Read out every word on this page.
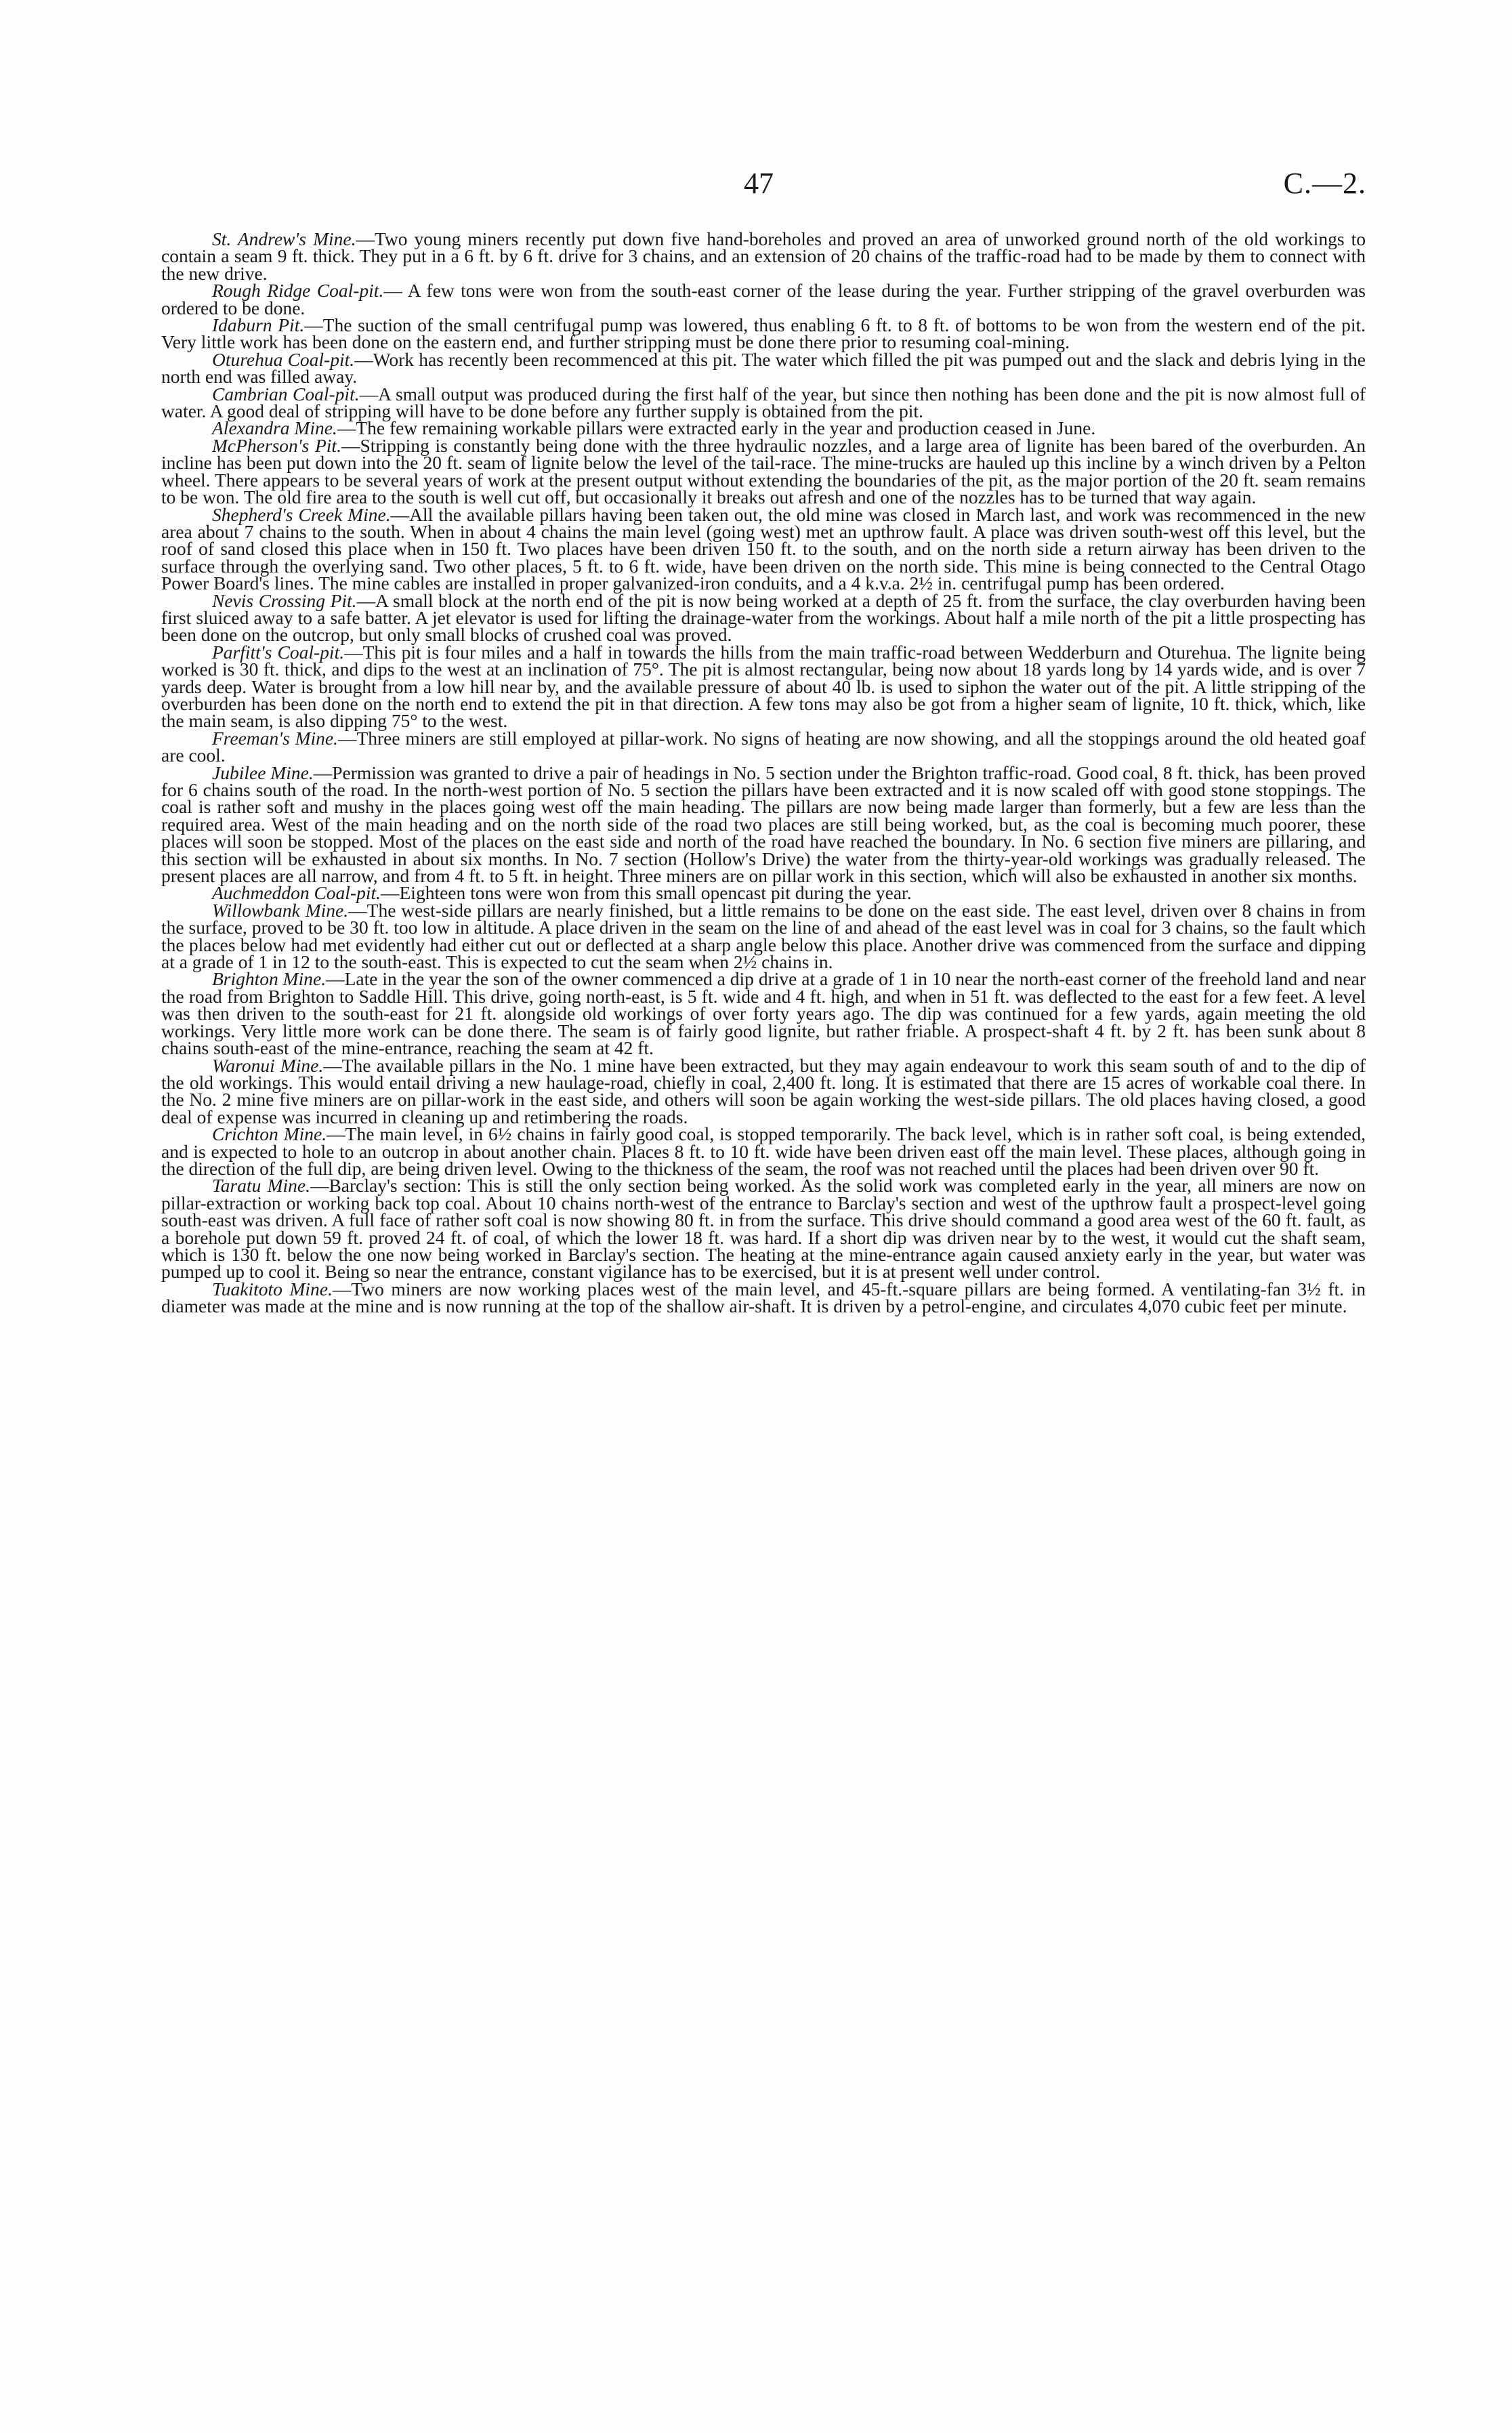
47	C.—2.

St. Andrew's Mine.—Two young miners recently put down five hand-boreholes and proved an area of unworked ground north of the old workings to contain a seam 9 ft. thick. They put in a 6 ft. by 6 ft. drive for 3 chains, and an extension of 20 chains of the traffic-road had to be made by them to connect with the new drive.

Rough Ridge Coal-pit.— A few tons were won from the south-east corner of the lease during the year. Further stripping of the gravel overburden was ordered to be done.

Idaburn Pit.—The suction of the small centrifugal pump was lowered, thus enabling 6 ft. to 8 ft. of bottoms to be won from the western end of the pit. Very little work has been done on the eastern end, and further stripping must be done there prior to resuming coal-mining.

Oturehua Coal-pit.—Work has recently been recommenced at this pit. The water which filled the pit was pumped out and the slack and debris lying in the north end was filled away.

Cambrian Coal-pit.—A small output was produced during the first half of the year, but since then nothing has been done and the pit is now almost full of water. A good deal of stripping will have to be done before any further supply is obtained from the pit.

Alexandra Mine.—The few remaining workable pillars were extracted early in the year and production ceased in June.

McPherson's Pit.—Stripping is constantly being done with the three hydraulic nozzles, and a large area of lignite has been bared of the overburden. An incline has been put down into the 20 ft. seam of lignite below the level of the tail-race. The mine-trucks are hauled up this incline by a winch driven by a Pelton wheel. There appears to be several years of work at the present output without extending the boundaries of the pit, as the major portion of the 20 ft. seam remains to be won. The old fire area to the south is well cut off, but occasionally it breaks out afresh and one of the nozzles has to be turned that way again.

Shepherd's Creek Mine.—All the available pillars having been taken out, the old mine was closed in March last, and work was recommenced in the new area about 7 chains to the south. When in about 4 chains the main level (going west) met an upthrow fault. A place was driven south-west off this level, but the roof of sand closed this place when in 150 ft. Two places have been driven 150 ft. to the south, and on the north side a return airway has been driven to the surface through the overlying sand. Two other places, 5 ft. to 6 ft. wide, have been driven on the north side. This mine is being connected to the Central Otago Power Board's lines. The mine cables are installed in proper galvanized-iron conduits, and a 4 k.v.a. 2½ in. centrifugal pump has been ordered.

Nevis Crossing Pit.—A small block at the north end of the pit is now being worked at a depth of 25 ft. from the surface, the clay overburden having been first sluiced away to a safe batter. A jet elevator is used for lifting the drainage-water from the workings. About half a mile north of the pit a little prospecting has been done on the outcrop, but only small blocks of crushed coal was proved.

Parfitt's Coal-pit.—This pit is four miles and a half in towards the hills from the main traffic-road between Wedderburn and Oturehua. The lignite being worked is 30 ft. thick, and dips to the west at an inclination of 75°. The pit is almost rectangular, being now about 18 yards long by 14 yards wide, and is over 7 yards deep. Water is brought from a low hill near by, and the available pressure of about 40 lb. is used to siphon the water out of the pit. A little stripping of the overburden has been done on the north end to extend the pit in that direction. A few tons may also be got from a higher seam of lignite, 10 ft. thick, which, like the main seam, is also dipping 75° to the west.

Freeman's Mine.—Three miners are still employed at pillar-work. No signs of heating are now showing, and all the stoppings around the old heated goaf are cool.

Jubilee Mine.—Permission was granted to drive a pair of headings in No. 5 section under the Brighton traffic-road. Good coal, 8 ft. thick, has been proved for 6 chains south of the road. In the north-west portion of No. 5 section the pillars have been extracted and it is now scaled off with good stone stoppings. The coal is rather soft and mushy in the places going west off the main heading. The pillars are now being made larger than formerly, but a few are less than the required area. West of the main heading and on the north side of the road two places are still being worked, but, as the coal is becoming much poorer, these places will soon be stopped. Most of the places on the east side and north of the road have reached the boundary. In No. 6 section five miners are pillaring, and this section will be exhausted in about six months. In No. 7 section (Hollow's Drive) the water from the thirty-year-old workings was gradually released. The present places are all narrow, and from 4 ft. to 5 ft. in height. Three miners are on pillar work in this section, which will also be exhausted in another six months.

Auchmeddon Coal-pit.—Eighteen tons were won from this small opencast pit during the year.

Willowbank Mine.—The west-side pillars are nearly finished, but a little remains to be done on the east side. The east level, driven over 8 chains in from the surface, proved to be 30 ft. too low in altitude. A place driven in the seam on the line of and ahead of the east level was in coal for 3 chains, so the fault which the places below had met evidently had either cut out or deflected at a sharp angle below this place. Another drive was commenced from the surface and dipping at a grade of 1 in 12 to the south-east. This is expected to cut the seam when 2½ chains in.

Brighton Mine.—Late in the year the son of the owner commenced a dip drive at a grade of 1 in 10 near the north-east corner of the freehold land and near the road from Brighton to Saddle Hill. This drive, going north-east, is 5 ft. wide and 4 ft. high, and when in 51 ft. was deflected to the east for a few feet. A level was then driven to the south-east for 21 ft. alongside old workings of over forty years ago. The dip was continued for a few yards, again meeting the old workings. Very little more work can be done there. The seam is of fairly good lignite, but rather friable. A prospect-shaft 4 ft. by 2 ft. has been sunk about 8 chains south-east of the mine-entrance, reaching the seam at 42 ft.

Waronui Mine.—The available pillars in the No. 1 mine have been extracted, but they may again endeavour to work this seam south of and to the dip of the old workings. This would entail driving a new haulage-road, chiefly in coal, 2,400 ft. long. It is estimated that there are 15 acres of workable coal there. In the No. 2 mine five miners are on pillar-work in the east side, and others will soon be again working the west-side pillars. The old places having closed, a good deal of expense was incurred in cleaning up and retimbering the roads.

Crichton Mine.—The main level, in 6½ chains in fairly good coal, is stopped temporarily. The back level, which is in rather soft coal, is being extended, and is expected to hole to an outcrop in about another chain. Places 8 ft. to 10 ft. wide have been driven east off the main level. These places, although going in the direction of the full dip, are being driven level. Owing to the thickness of the seam, the roof was not reached until the places had been driven over 90 ft.

Taratu Mine.—Barclay's section: This is still the only section being worked. As the solid work was completed early in the year, all miners are now on pillar-extraction or working back top coal. About 10 chains north-west of the entrance to Barclay's section and west of the upthrow fault a prospect-level going south-east was driven. A full face of rather soft coal is now showing 80 ft. in from the surface. This drive should command a good area west of the 60 ft. fault, as a borehole put down 59 ft. proved 24 ft. of coal, of which the lower 18 ft. was hard. If a short dip was driven near by to the west, it would cut the shaft seam, which is 130 ft. below the one now being worked in Barclay's section. The heating at the mine-entrance again caused anxiety early in the year, but water was pumped up to cool it. Being so near the entrance, constant vigilance has to be exercised, but it is at present well under control.

Tuakitoto Mine.—Two miners are now working places west of the main level, and 45-ft.-square pillars are being formed. A ventilating-fan 3½ ft. in diameter was made at the mine and is now running at the top of the shallow air-shaft. It is driven by a petrol-engine, and circulates 4,070 cubic feet per minute.
